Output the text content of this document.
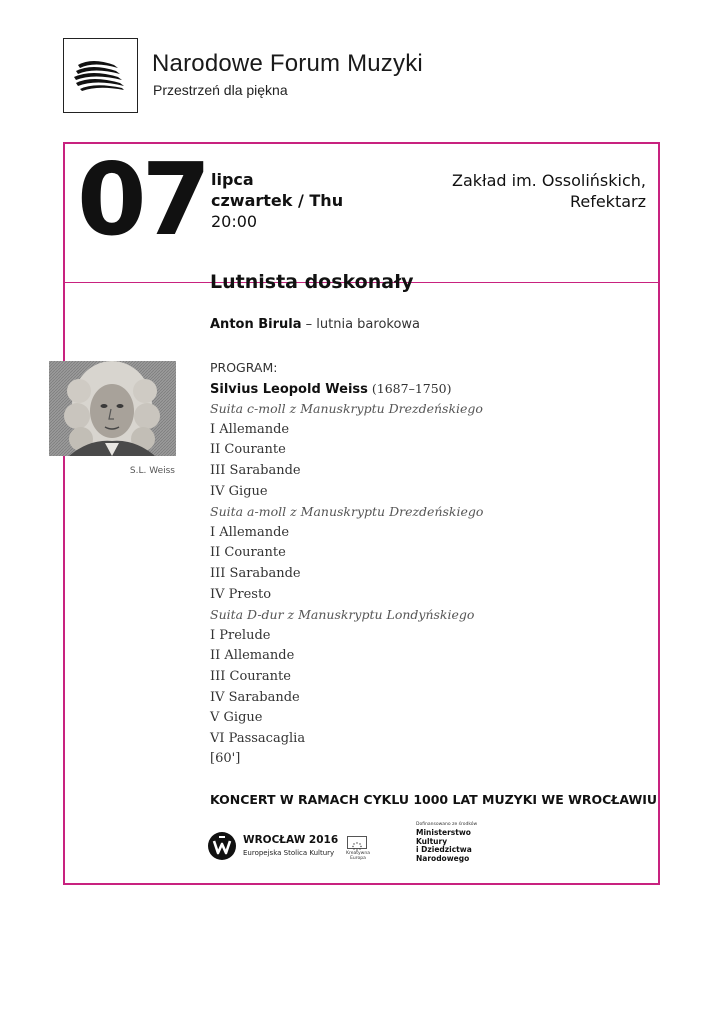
Narodowe Forum Muzyki
Przestrzeń dla piękna
07 lipca
czwartek / Thu
20:00
Zakład im. Ossolińskich,
Refektarz
Lutnista doskonały
Anton Birula – lutnia barokowa
S.L. Weiss
PROGRAM:
Silvius Leopold Weiss (1687–1750)
Suita c-moll z Manuskryptu Drezdeńskiego
I Allemande
II Courante
III Sarabande
IV Gigue
Suita a-moll z Manuskryptu Drezdeńskiego
I Allemande
II Courante
III Sarabande
IV Presto
Suita D-dur z Manuskryptu Londyńskiego
I Prelude
II Allemande
III Courante
IV Sarabande
V Gigue
VI Passacaglia
[60']
KONCERT W RAMACH CYKLU 1000 LAT MUZYKI WE WROCŁAWIU
WROCŁAW 2016
Europejska Stolica Kultury	Kreatywna Europa
Dofinansowano ze środków
Ministerstwo
Kultury
i Dziedzictwa
Narodowego
